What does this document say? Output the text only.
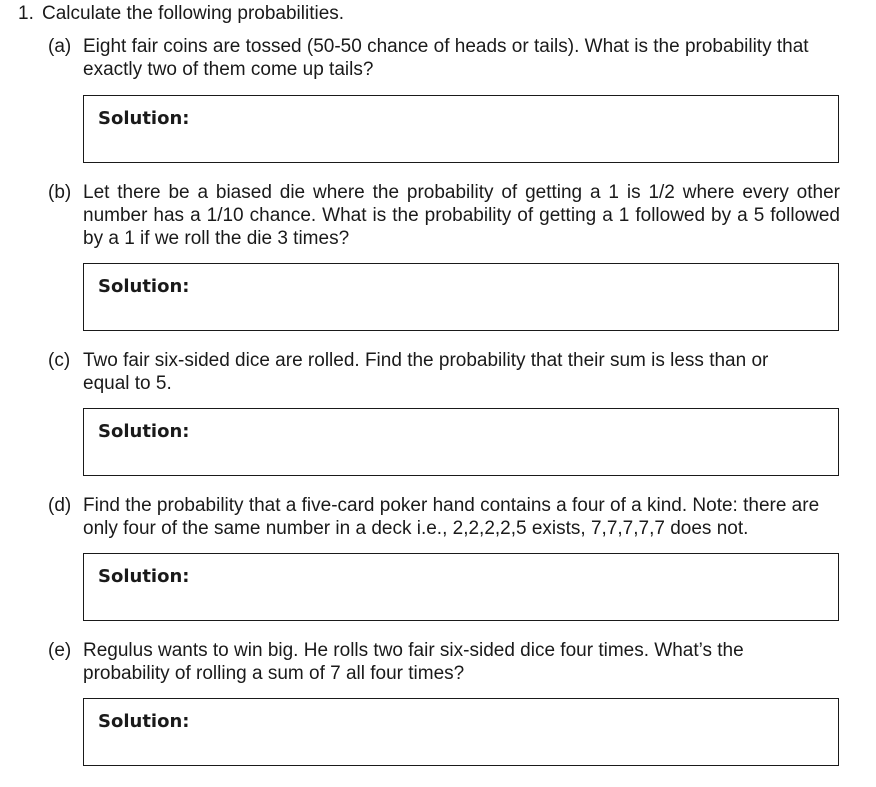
1. Calculate the following probabilities.
(a) Eight fair coins are tossed (50-50 chance of heads or tails). What is the probability that exactly two of them come up tails?
Solution:
(b) Let there be a biased die where the probability of getting a 1 is 1/2 where every other number has a 1/10 chance. What is the probability of getting a 1 followed by a 5 followed by a 1 if we roll the die 3 times?
Solution:
(c) Two fair six-sided dice are rolled. Find the probability that their sum is less than or equal to 5.
Solution:
(d) Find the probability that a five-card poker hand contains a four of a kind. Note: there are only four of the same number in a deck i.e., 2,2,2,2,5 exists, 7,7,7,7,7 does not.
Solution:
(e) Regulus wants to win big. He rolls two fair six-sided dice four times. What’s the probability of rolling a sum of 7 all four times?
Solution:
